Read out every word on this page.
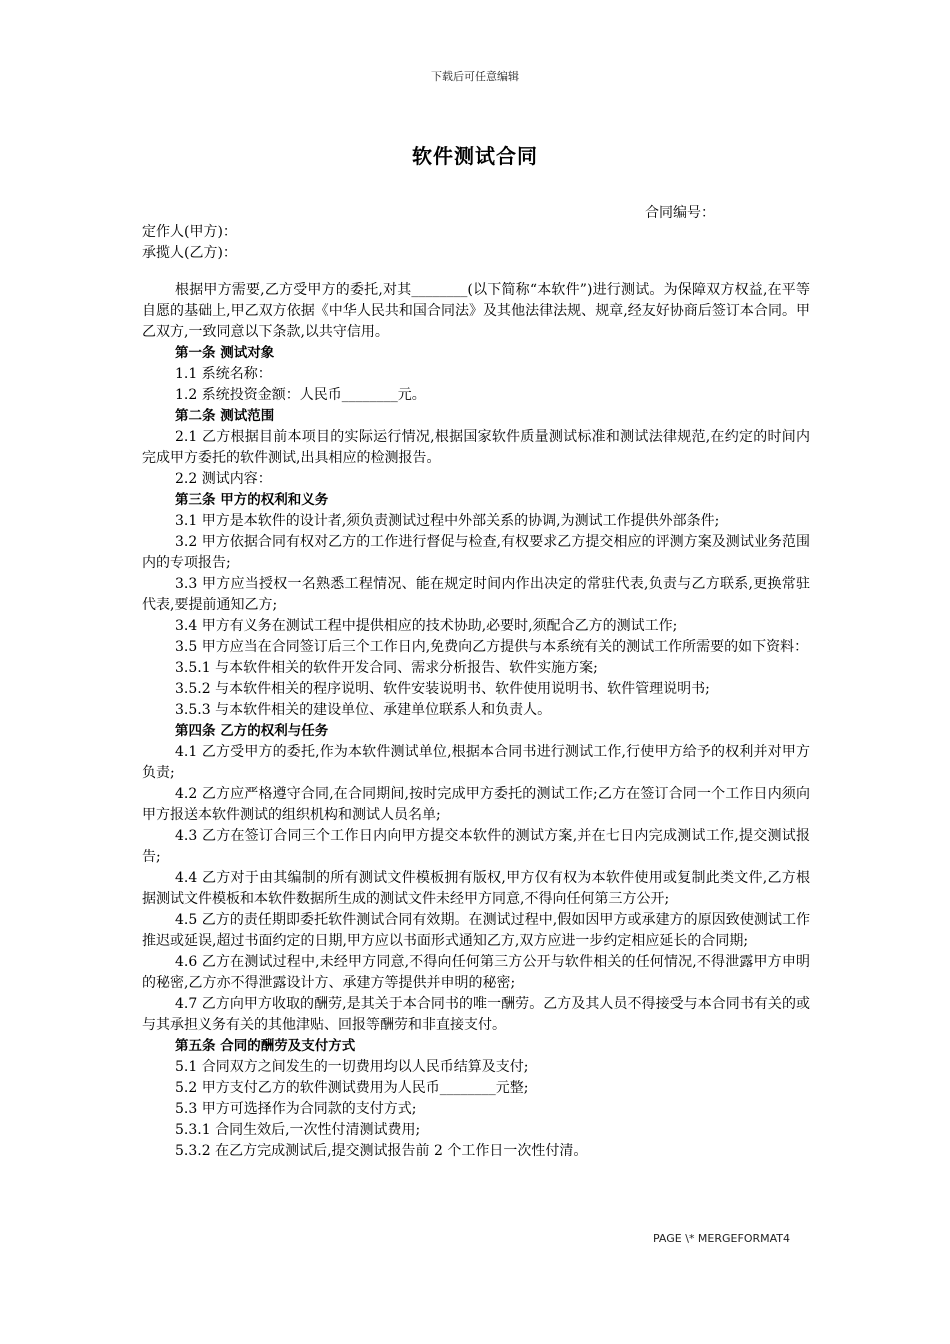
下载后可任意编辑
软件测试合同
合同编号：

定作人(甲方)：

承揽人(乙方)：

根据甲方需要,乙方受甲方的委托,对其________(以下简称“本软件”)进行测试。为保障双方权益,在平等自愿的基础上,甲乙双方依据《中华人民共和国合同法》及其他法律法规、规章,经友好协商后签订本合同。甲乙双方,一致同意以下条款,以共守信用。

第一条 测试对象

1.1 系统名称：

1.2 系统投资金额：人民币________元。

第二条 测试范围

2.1 乙方根据目前本项目的实际运行情况,根据国家软件质量测试标准和测试法律规范,在约定的时间内完成甲方委托的软件测试,出具相应的检测报告。

2.2 测试内容：

第三条 甲方的权利和义务

3.1 甲方是本软件的设计者,须负责测试过程中外部关系的协调,为测试工作提供外部条件;

3.2 甲方依据合同有权对乙方的工作进行督促与检查,有权要求乙方提交相应的评测方案及测试业务范围内的专项报告;

3.3 甲方应当授权一名熟悉工程情况、能在规定时间内作出决定的常驻代表,负责与乙方联系,更换常驻代表,要提前通知乙方;

3.4 甲方有义务在测试工程中提供相应的技术协助,必要时,须配合乙方的测试工作;

3.5 甲方应当在合同签订后三个工作日内,免费向乙方提供与本系统有关的测试工作所需要的如下资料：

3.5.1 与本软件相关的软件开发合同、需求分析报告、软件实施方案;

3.5.2 与本软件相关的程序说明、软件安装说明书、软件使用说明书、软件管理说明书;

3.5.3 与本软件相关的建设单位、承建单位联系人和负责人。

第四条 乙方的权利与任务

4.1 乙方受甲方的委托,作为本软件测试单位,根据本合同书进行测试工作,行使甲方给予的权利并对甲方负责;

4.2 乙方应严格遵守合同,在合同期间,按时完成甲方委托的测试工作;乙方在签订合同一个工作日内须向甲方报送本软件测试的组织机构和测试人员名单;

4.3 乙方在签订合同三个工作日内向甲方提交本软件的测试方案,并在七日内完成测试工作,提交测试报告;

4.4 乙方对于由其编制的所有测试文件模板拥有版权,甲方仅有权为本软件使用或复制此类文件,乙方根据测试文件模板和本软件数据所生成的测试文件未经甲方同意,不得向任何第三方公开;

4.5 乙方的责任期即委托软件测试合同有效期。在测试过程中,假如因甲方或承建方的原因致使测试工作推迟或延误,超过书面约定的日期,甲方应以书面形式通知乙方,双方应进一步约定相应延长的合同期;

4.6 乙方在测试过程中,未经甲方同意,不得向任何第三方公开与软件相关的任何情况,不得泄露甲方申明的秘密,乙方亦不得泄露设计方、承建方等提供并申明的秘密;

4.7 乙方向甲方收取的酬劳,是其关于本合同书的唯一酬劳。乙方及其人员不得接受与本合同书有关的或与其承担义务有关的其他津贴、回报等酬劳和非直接支付。

第五条 合同的酬劳及支付方式

5.1 合同双方之间发生的一切费用均以人民币结算及支付;

5.2 甲方支付乙方的软件测试费用为人民币________元整;

5.3 甲方可选择作为合同款的支付方式;

5.3.1 合同生效后,一次性付清测试费用;

5.3.2 在乙方完成测试后,提交测试报告前 2 个工作日一次性付清。

PAGE \* MERGEFORMAT4
